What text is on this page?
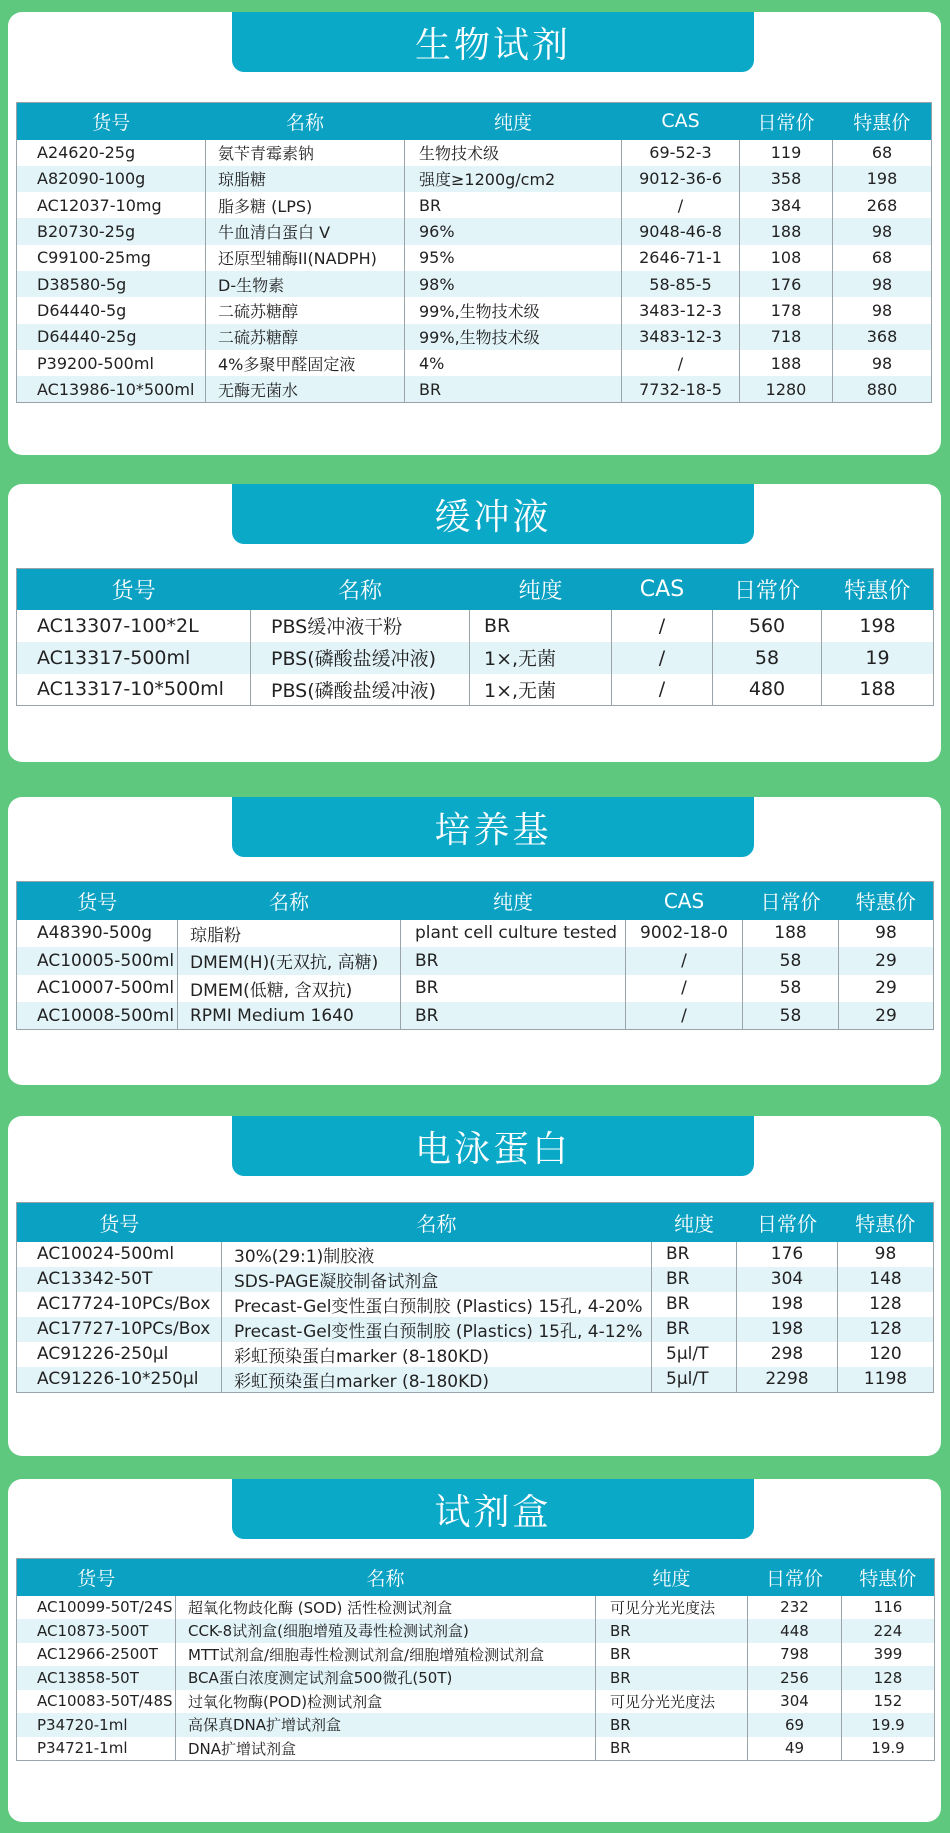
生物试剂
货号	名称	纯度	CAS	日常价	特惠价
A24620-25g	氨苄青霉素钠	生物技术级	69-52-3	119	68
A82090-100g	琼脂糖	强度≥1200g/cm2	9012-36-6	358	198
AC12037-10mg	脂多糖 (LPS)	BR	/	384	268
B20730-25g	牛血清白蛋白 V	96%	9048-46-8	188	98
C99100-25mg	还原型辅酶II(NADPH)	95%	2646-71-1	108	68
D38580-5g	D-生物素	98%	58-85-5	176	98
D64440-5g	二硫苏糖醇	99%,生物技术级	3483-12-3	178	98
D64440-25g	二硫苏糖醇	99%,生物技术级	3483-12-3	718	368
P39200-500ml	4%多聚甲醛固定液	4%	/	188	98
AC13986-10*500ml	无酶无菌水	BR	7732-18-5	1280	880
缓冲液
货号	名称	纯度	CAS	日常价	特惠价
AC13307-100*2L	PBS缓冲液干粉	BR	/	560	198
AC13317-500ml	PBS(磷酸盐缓冲液)	1×,无菌	/	58	19
AC13317-10*500ml	PBS(磷酸盐缓冲液)	1×,无菌	/	480	188
培养基
货号	名称	纯度	CAS	日常价	特惠价
A48390-500g	琼脂粉	plant cell culture tested	9002-18-0	188	98
AC10005-500ml	DMEM(H)(无双抗, 高糖)	BR	/	58	29
AC10007-500ml	DMEM(低糖, 含双抗)	BR	/	58	29
AC10008-500ml	RPMI Medium 1640	BR	/	58	29
电泳蛋白
货号	名称	纯度	日常价	特惠价
AC10024-500ml	30%(29:1)制胶液	BR	176	98
AC13342-50T	SDS-PAGE凝胶制备试剂盒	BR	304	148
AC17724-10PCs/Box	Precast-Gel变性蛋白预制胶 (Plastics) 15孔, 4-20%	BR	198	128
AC17727-10PCs/Box	Precast-Gel变性蛋白预制胶 (Plastics) 15孔, 4-12%	BR	198	128
AC91226-250μl	彩虹预染蛋白marker (8-180KD)	5μl/T	298	120
AC91226-10*250μl	彩虹预染蛋白marker (8-180KD)	5μl/T	2298	1198
试剂盒
货号	名称	纯度	日常价	特惠价
AC10099-50T/24S	超氧化物歧化酶 (SOD) 活性检测试剂盒	可见分光光度法	232	116
AC10873-500T	CCK-8试剂盒(细胞增殖及毒性检测试剂盒)	BR	448	224
AC12966-2500T	MTT试剂盒/细胞毒性检测试剂盒/细胞增殖检测试剂盒	BR	798	399
AC13858-50T	BCA蛋白浓度测定试剂盒500微孔(50T)	BR	256	128
AC10083-50T/48S	过氧化物酶(POD)检测试剂盒	可见分光光度法	304	152
P34720-1ml	高保真DNA扩增试剂盒	BR	69	19.9
P34721-1ml	DNA扩增试剂盒	BR	49	19.9
